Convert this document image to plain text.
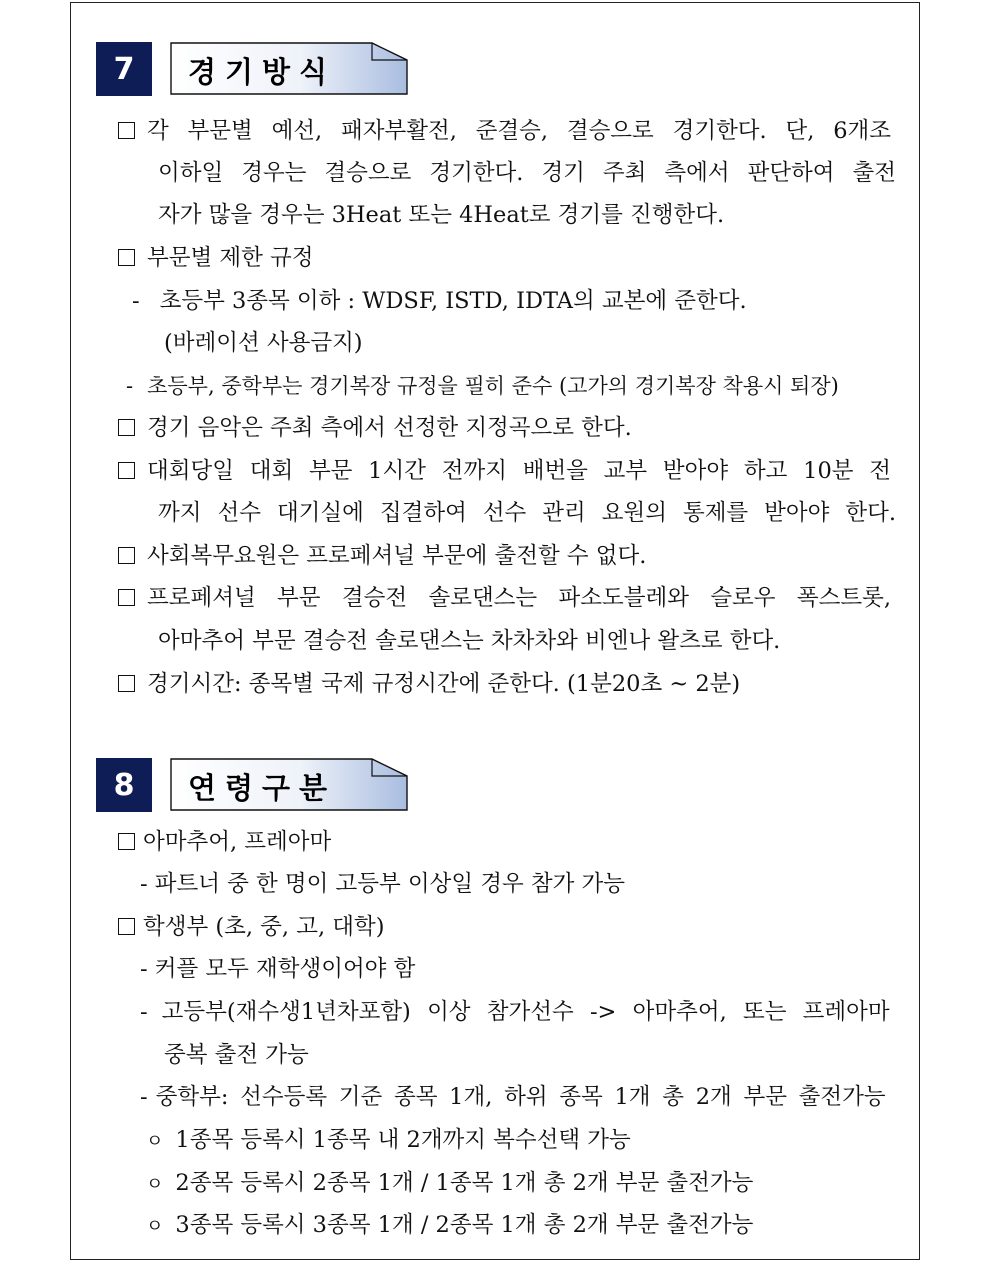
7	경기방식
각 부문별 예선, 패자부활전, 준결승, 결승으로 경기한다. 단, 6개조
이하일 경우는 결승으로 경기한다. 경기 주최 측에서 판단하여 출전
자가 많을 경우는 3Heat 또는 4Heat로 경기를 진행한다.
부문별 제한 규정
- 초등부 3종목 이하 : WDSF, ISTD, IDTA의 교본에 준한다.
(바레이션 사용금지)
- 초등부, 중학부는 경기복장 규정을 필히 준수 (고가의 경기복장 착용시 퇴장)
경기 음악은 주최 측에서 선정한 지정곡으로 한다.
대회당일 대회 부문 1시간 전까지 배번을 교부 받아야 하고 10분 전
까지 선수 대기실에 집결하여 선수 관리 요원의 통제를 받아야 한다.
사회복무요원은 프로페셔널 부문에 출전할 수 없다.
프로페셔널 부문 결승전 솔로댄스는 파소도블레와 슬로우 폭스트롯,
아마추어 부문 결승전 솔로댄스는 차차차와 비엔나 왈츠로 한다.
경기시간: 종목별 국제 규정시간에 준한다. (1분20초 ~ 2분)
8	연령구분
아마추어, 프레아마
- 파트너 중 한 명이 고등부 이상일 경우 참가 가능
학생부 (초, 중, 고, 대학)
- 커플 모두 재학생이어야 함
- 고등부(재수생1년차포함) 이상 참가선수 -> 아마추어, 또는 프레아마
중복 출전 가능
- 중학부: 선수등록 기준 종목 1개, 하위 종목 1개 총 2개 부문 출전가능
ㅇ 1종목 등록시 1종목 내 2개까지 복수선택 가능
ㅇ 2종목 등록시 2종목 1개 / 1종목 1개 총 2개 부문 출전가능
ㅇ 3종목 등록시 3종목 1개 / 2종목 1개 총 2개 부문 출전가능
